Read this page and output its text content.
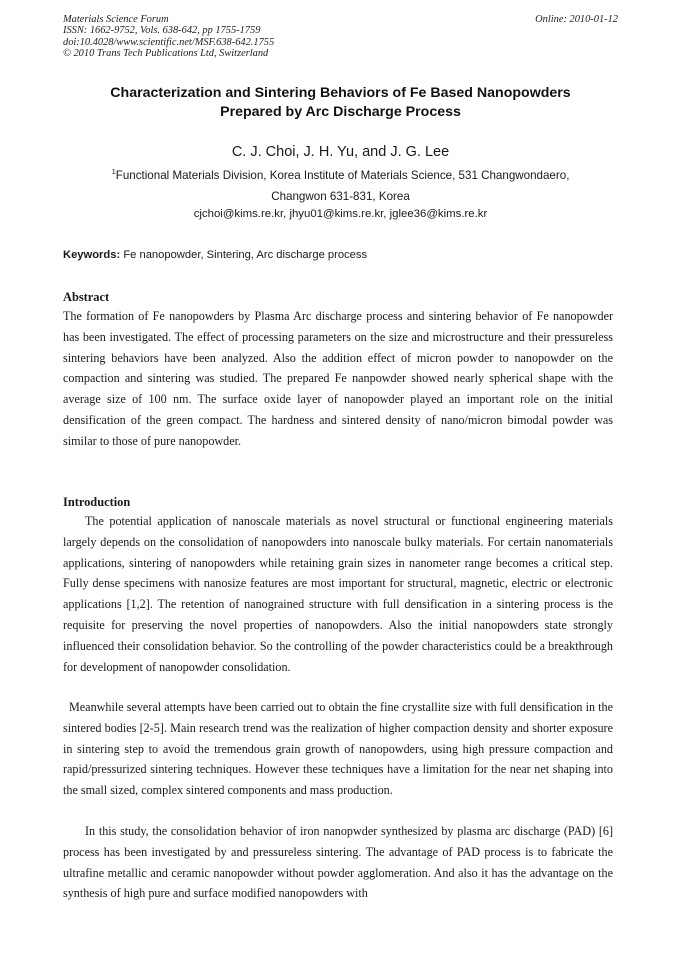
Materials Science Forum
ISSN: 1662-9752, Vols. 638-642, pp 1755-1759
doi:10.4028/www.scientific.net/MSF.638-642.1755
© 2010 Trans Tech Publications Ltd, Switzerland
Online: 2010-01-12
Characterization and Sintering Behaviors of Fe Based Nanopowders
Prepared by Arc Discharge Process
C. J. Choi, J. H. Yu, and J. G. Lee
$^1$Functional Materials Division, Korea Institute of Materials Science, 531 Changwondaero,
Changwon 631-831, Korea
cjchoi@kims.re.kr, jhyu01@kims.re.kr, jglee36@kims.re.kr
Keywords: Fe nanopowder, Sintering, Arc discharge process
Abstract
The formation of Fe nanopowders by Plasma Arc discharge process and sintering behavior of Fe nanopowder has been investigated. The effect of processing parameters on the size and microstructure and their pressureless sintering behaviors have been analyzed. Also the addition effect of micron powder to nanopowder on the compaction and sintering was studied. The prepared Fe nanpowder showed nearly spherical shape with the average size of 100 nm. The surface oxide layer of nanopowder played an important role on the initial densification of the green compact. The hardness and sintered density of nano/micron bimodal powder was similar to those of pure nanopowder.
Introduction
The potential application of nanoscale materials as novel structural or functional engineering materials largely depends on the consolidation of nanopowders into nanoscale bulky materials. For certain nanomaterials applications, sintering of nanopowders while retaining grain sizes in nanometer range becomes a critical step. Fully dense specimens with nanosize features are most important for structural, magnetic, electric or electronic applications [1,2]. The retention of nanograined structure with full densification in a sintering process is the requisite for preserving the novel properties of nanopowders. Also the initial nanopowders state strongly influenced their consolidation behavior. So the controlling of the powder characteristics could be a breakthrough for development of nanopowder consolidation.
Meanwhile several attempts have been carried out to obtain the fine crystallite size with full densification in the sintered bodies [2-5]. Main research trend was the realization of higher compaction density and shorter exposure in sintering step to avoid the tremendous grain growth of nanopowders, using high pressure compaction and rapid/pressurized sintering techniques. However these techniques have a limitation for the near net shaping into the small sized, complex sintered components and mass production.
In this study, the consolidation behavior of iron nanopwder synthesized by plasma arc discharge (PAD) [6] process has been investigated by and pressureless sintering. The advantage of PAD process is to fabricate the ultrafine metallic and ceramic nanopowder without powder agglomeration. And also it has the advantage on the synthesis of high pure and surface modified nanopowders with
